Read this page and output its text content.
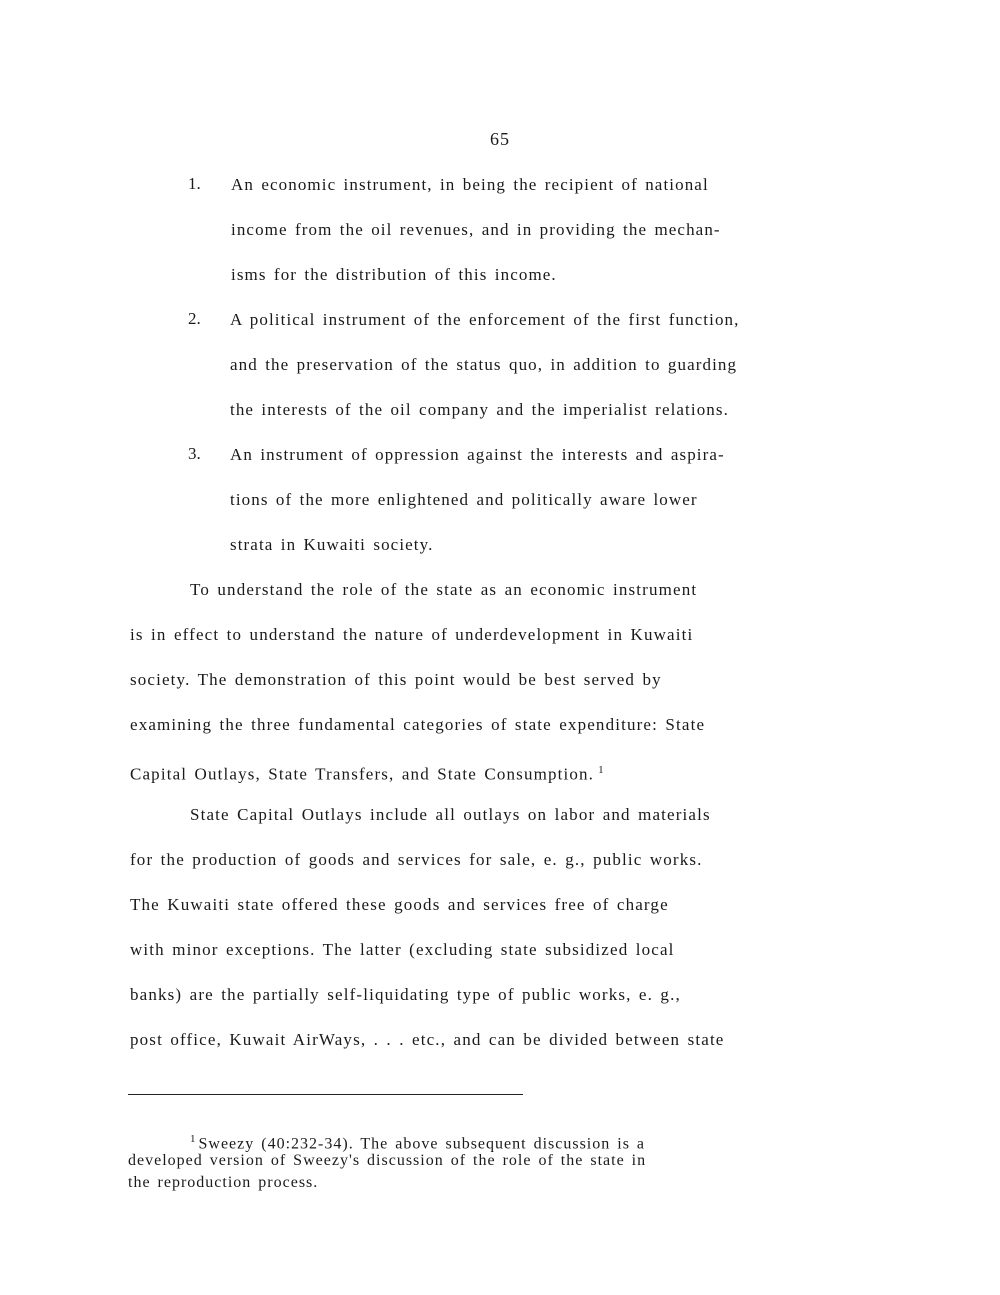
65
1. An economic instrument, in being the recipient of national
income from the oil revenues, and in providing the mechan-
isms for the distribution of this income.
2. A political instrument of the enforcement of the first function,
and the preservation of the status quo, in addition to guarding
the interests of the oil company and the imperialist relations.
3. An instrument of oppression against the interests and aspira-
tions of the more enlightened and politically aware lower
strata in Kuwaiti society.
To understand the role of the state as an economic instrument
is in effect to understand the nature of underdevelopment in Kuwaiti
society. The demonstration of this point would be best served by
examining the three fundamental categories of state expenditure: State
Capital Outlays, State Transfers, and State Consumption. $^1$
State Capital Outlays include all outlays on labor and materials
for the production of goods and services for sale, e. g., public works.
The Kuwaiti state offered these goods and services free of charge
with minor exceptions. The latter (excluding state subsidized local
banks) are the partially self-liquidating type of public works, e. g.,
post office, Kuwait AirWays, . . . etc., and can be divided between state
$^1$ Sweezy (40:232-34). The above subsequent discussion is a
developed version of Sweezy's discussion of the role of the state in
the reproduction process.
